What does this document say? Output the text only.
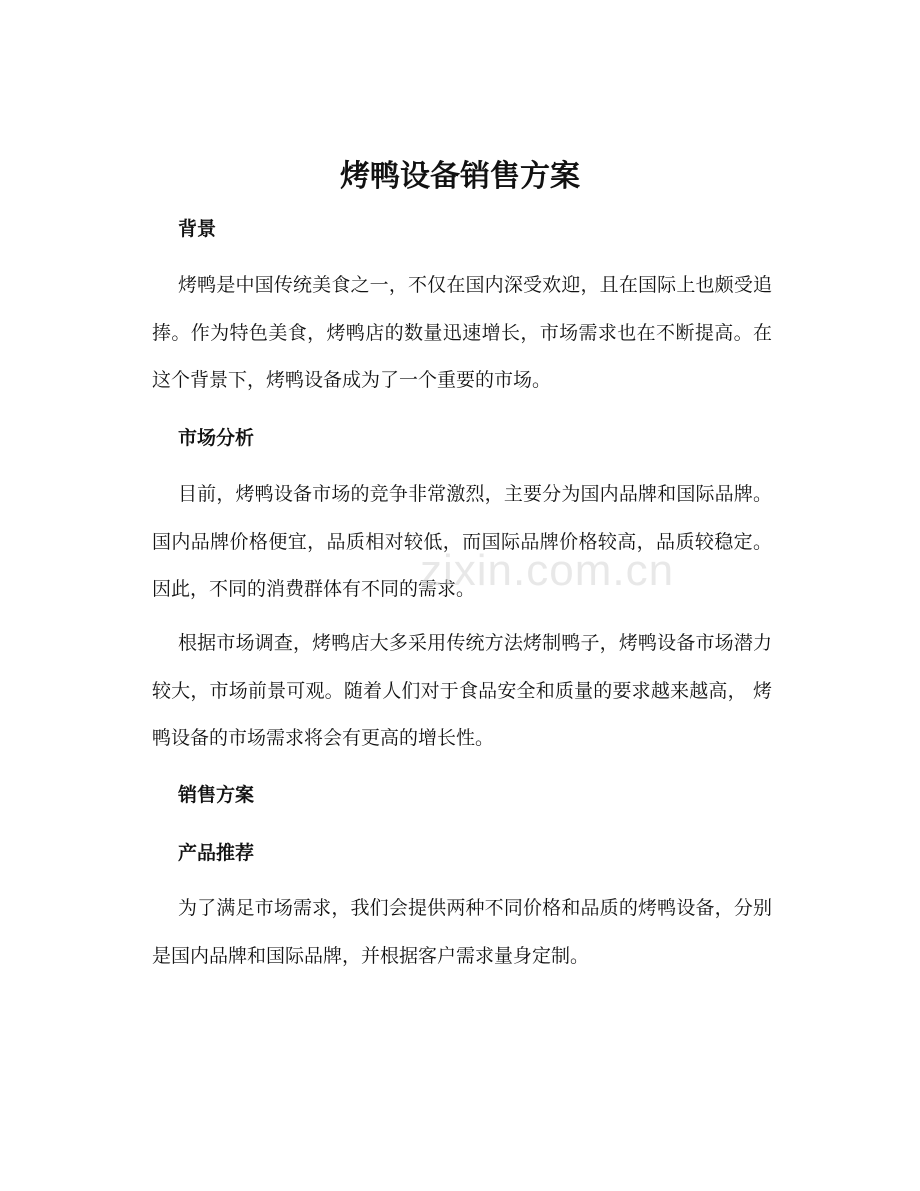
烤鸭设备销售方案
背景

烤鸭是中国传统美食之一，不仅在国内深受欢迎，且在国际上也颇受追捧。作为特色美食，烤鸭店的数量迅速增长，市场需求也在不断提高。在这个背景下，烤鸭设备成为了一个重要的市场。

市场分析

目前，烤鸭设备市场的竞争非常激烈，主要分为国内品牌和国际品牌。国内品牌价格便宜，品质相对较低，而国际品牌价格较高，品质较稳定。因此，不同的消费群体有不同的需求。

根据市场调查，烤鸭店大多采用传统方法烤制鸭子，烤鸭设备市场潜力较大，市场前景可观。随着人们对于食品安全和质量的要求越来越高， 烤鸭设备的市场需求将会有更高的增长性。

销售方案
产品推荐

为了满足市场需求，我们会提供两种不同价格和品质的烤鸭设备，分别是国内品牌和国际品牌，并根据客户需求量身定制。

zixin.com.cn
